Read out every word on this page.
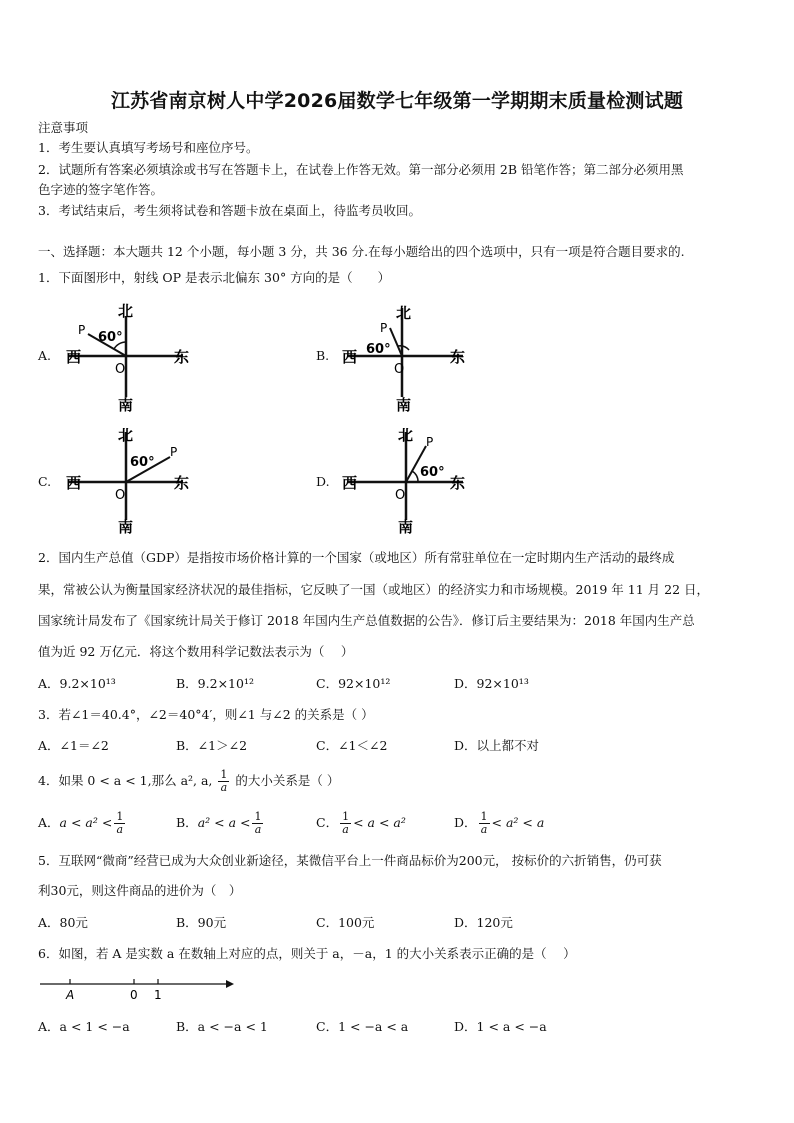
江苏省南京树人中学2026届数学七年级第一学期期末质量检测试题
注意事项
1．考生要认真填写考场号和座位序号。
2．试题所有答案必须填涂或书写在答题卡上，在试卷上作答无效。第一部分必须用 2B 铅笔作答；第二部分必须用黑
色字迹的签字笔作答。
3．考试结束后，考生须将试卷和答题卡放在桌面上，待监考员收回。
一、选择题：本大题共 12 个小题，每小题 3 分，共 36 分.在每小题给出的四个选项中，只有一项是符合题目要求的.
1．下面图形中，射线 OP 是表示北偏东 30° 方向的是（　　）
A.	B.
C.	D.
北
南
西	东
O
P 60°
北
南
西	东
O
P
60°
北
南
西	东
O
P
60°
北
南
西	东
O
P
60°
2．国内生产总值（GDP）是指按市场价格计算的一个国家（或地区）所有常驻单位在一定时期内生产活动的最终成
果，常被公认为衡量国家经济状况的最佳指标，它反映了一国（或地区）的经济实力和市场规模。2019 年 11 月 22 日，
国家统计局发布了《国家统计局关于修订 2018 年国内生产总值数据的公告》．修订后主要结果为：2018 年国内生产总
值为近 92 万亿元．将这个数用科学记数法表示为（　 ）
A．9.2×10¹³	B．9.2×10¹²	C．92×10¹²	D．92×10¹³
3．若∠1＝40.4°，∠2＝40°4′，则∠1 与∠2 的关系是（ ）
A．∠1＝∠2	B．∠1＞∠2	C．∠1＜∠2	D．以上都不对
4．如果 0 < a < 1,那么 a², a, $\frac{1}{a}$ 的大小关系是（ ）
A．$a < a^2 < \frac{1}{a}$	B．$a^2 < a < \frac{1}{a}$	C． $\frac{1}{a} < a < a^2$	D． $\frac{1}{a} < a^2 < a$
5．互联网“微商”经营已成为大众创业新途径，某微信平台上一件商品标价为200元， 按标价的六折销售，仍可获
利30元，则这件商品的进价为（　）
A．80元	B．90元	C．100元	D．120元
6．如图，若 A 是实数 a 在数轴上对应的点，则关于 a，－a，1 的大小关系表示正确的是（　 ）
A	0 1
A．a < 1 < −a	B．a < −a < 1	C．1 < −a < a	D．1 < a < −a
